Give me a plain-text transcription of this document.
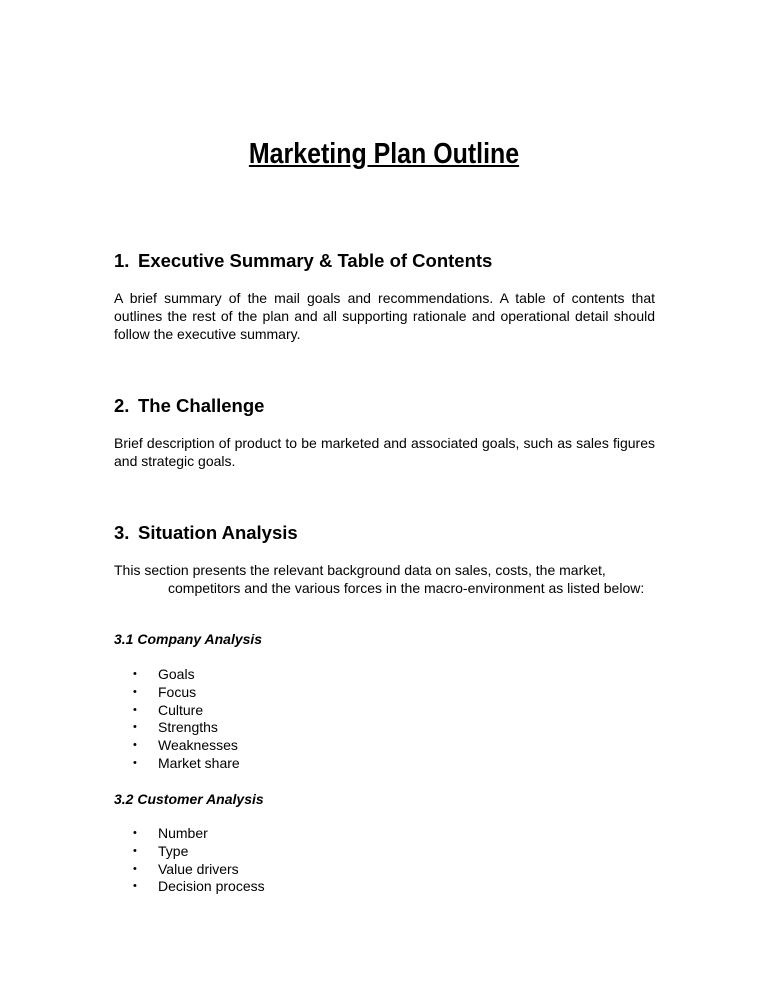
Marketing Plan Outline
1. Executive Summary & Table of Contents
A brief summary of the mail goals and recommendations. A table of contents that outlines the rest of the plan and all supporting rationale and operational detail should follow the executive summary.
2. The Challenge
Brief description of product to be marketed and associated goals, such as sales figures and strategic goals.
3. Situation Analysis
This section presents the relevant background data on sales, costs, the market,
competitors and the various forces in the macro-environment as listed below:
3.1 Company Analysis
• Goals
• Focus
• Culture
• Strengths
• Weaknesses
• Market share
3.2 Customer Analysis
• Number
• Type
• Value drivers
• Decision process
